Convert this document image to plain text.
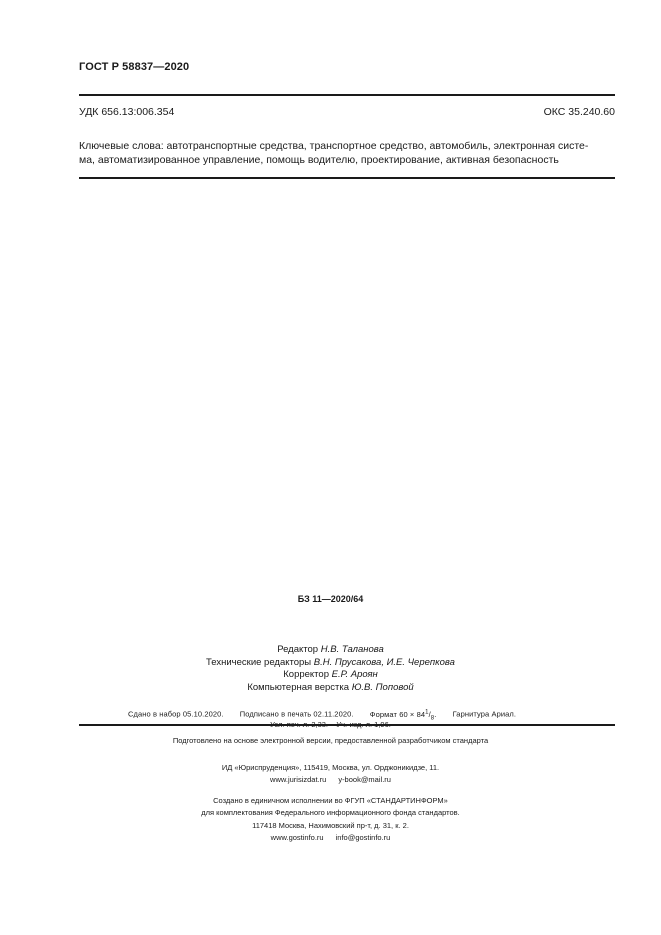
ГОСТ Р 58837—2020
УДК 656.13:006.354	ОКС 35.240.60
Ключевые слова: автотранспортные средства, транспортное средство, автомобиль, электронная систе-
ма, автоматизированное управление, помощь водителю, проектирование, активная безопасность
БЗ 11—2020/64
Редактор Н.В. Таланова
Технические редакторы В.Н. Прусакова, И.Е. Черепкова
Корректор Е.Р. Ароян
Компьютерная верстка Ю.В. Поповой
Сдано в набор 05.10.2020. Подписано в печать 02.11.2020. Формат $60 \times 84^1/_8$. Гарнитура Ариал.

Подготовлено на основе электронной версии, предоставленной разработчиком стандарта
ИД «Юриспруденция», 115419, Москва, ул. Орджоникидзе, 11.
www.jurisizdat.ru y-book@mail.ru
Создано в единичном исполнении во ФГУП «СТАНДАРТИНФОРМ»
для комплектования Федерального информационного фонда стандартов.
117418 Москва, Нахимовский пр-т, д. 31, к. 2.
www.gostinfo.ru info@gostinfo.ru
